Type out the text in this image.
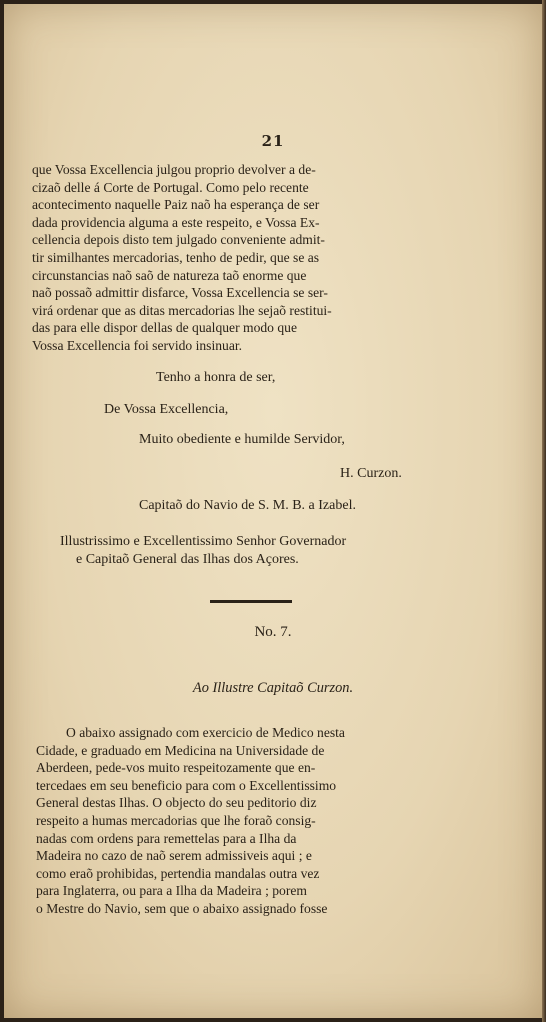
21
que Vossa Excellencia julgou proprio devolver a de-
cizaõ delle á Corte de Portugal. Como pelo recente
acontecimento naquelle Paiz naõ ha esperança de ser
dada providencia alguma a este respeito, e Vossa Ex-
cellencia depois disto tem julgado conveniente admit-
tir similhantes mercadorias, tenho de pedir, que se as
circunstancias naõ saõ de natureza taõ enorme que
naõ possaõ admittir disfarce, Vossa Excellencia se ser-
virá ordenar que as ditas mercadorias lhe sejaõ restitui-
das para elle dispor dellas de qualquer modo que
Vossa Excellencia foi servido insinuar.
Tenho a honra de ser,
De Vossa Excellencia,
Muito obediente e humilde Servidor,
H. Curzon.
Capitaõ do Navio de S. M. B. a Izabel.
Illustrissimo e Excellentissimo Senhor Governador
e Capitaõ General das Ilhas dos Açores.
No. 7.
Ao Illustre Capitaõ Curzon.
O abaixo assignado com exercicio de Medico nesta
Cidade, e graduado em Medicina na Universidade de
Aberdeen, pede-vos muito respeitozamente que en-
tercedaes em seu beneficio para com o Excellentissimo
General destas Ilhas. O objecto do seu peditorio diz
respeito a humas mercadorias que lhe foraõ consig-
nadas com ordens para remettelas para a Ilha da
Madeira no cazo de naõ serem admissiveis aqui ; e
como eraõ prohibidas, pertendia mandalas outra vez
para Inglaterra, ou para a Ilha da Madeira ; porem
o Mestre do Navio, sem que o abaixo assignado fosse
